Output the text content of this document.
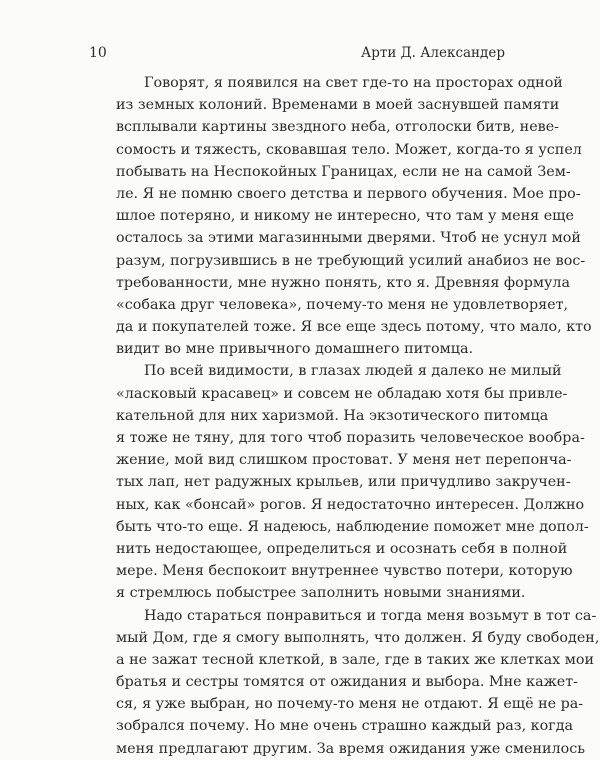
10	Арти Д. Александер
Говорят, я появился на свет где-то на просторах одной
из земных колоний. Временами в моей заснувшей памяти
всплывали картины звездного неба, отголоски битв, неве-
сомость и тяжесть, сковавшая тело. Может, когда-то я успел
побывать на Неспокойных Границах, если не на самой Зем-
ле. Я не помню своего детства и первого обучения. Мое про-
шлое потеряно, и никому не интересно, что там у меня еще
осталось за этими магазинными дверями. Чтоб не уснул мой
разум, погрузившись в не требующий усилий анабиоз не вос-
требованности, мне нужно понять, кто я. Древняя формула
«собака друг человека», почему-то меня не удовлетворяет,
да и покупателей тоже. Я все еще здесь потому, что мало, кто
видит во мне привычного домашнего питомца.
По всей видимости, в глазах людей я далеко не милый
«ласковый красавец» и совсем не обладаю хотя бы привле-
кательной для них харизмой. На экзотического питомца
я тоже не тяну, для того чтоб поразить человеческое вообра-
жение, мой вид слишком простоват. У меня нет перепонча-
тых лап, нет радужных крыльев, или причудливо закручен-
ных, как «бонсай» рогов. Я недостаточно интересен. Должно
быть что-то еще. Я надеюсь, наблюдение поможет мне допол-
нить недостающее, определиться и осознать себя в полной
мере. Меня беспокоит внутреннее чувство потери, которую
я стремлюсь побыстрее заполнить новыми знаниями.
Надо стараться понравиться и тогда меня возьмут в тот са-
мый Дом, где я смогу выполнять, что должен. Я буду свободен,
а не зажат тесной клеткой, в зале, где в таких же клетках мои
братья и сестры томятся от ожидания и выбора. Мне кажет-
ся, я уже выбран, но почему-то меня не отдают. Я ещё не ра-
зобрался почему. Но мне очень страшно каждый раз, когда
меня предлагают другим. За время ожидания уже сменилось
